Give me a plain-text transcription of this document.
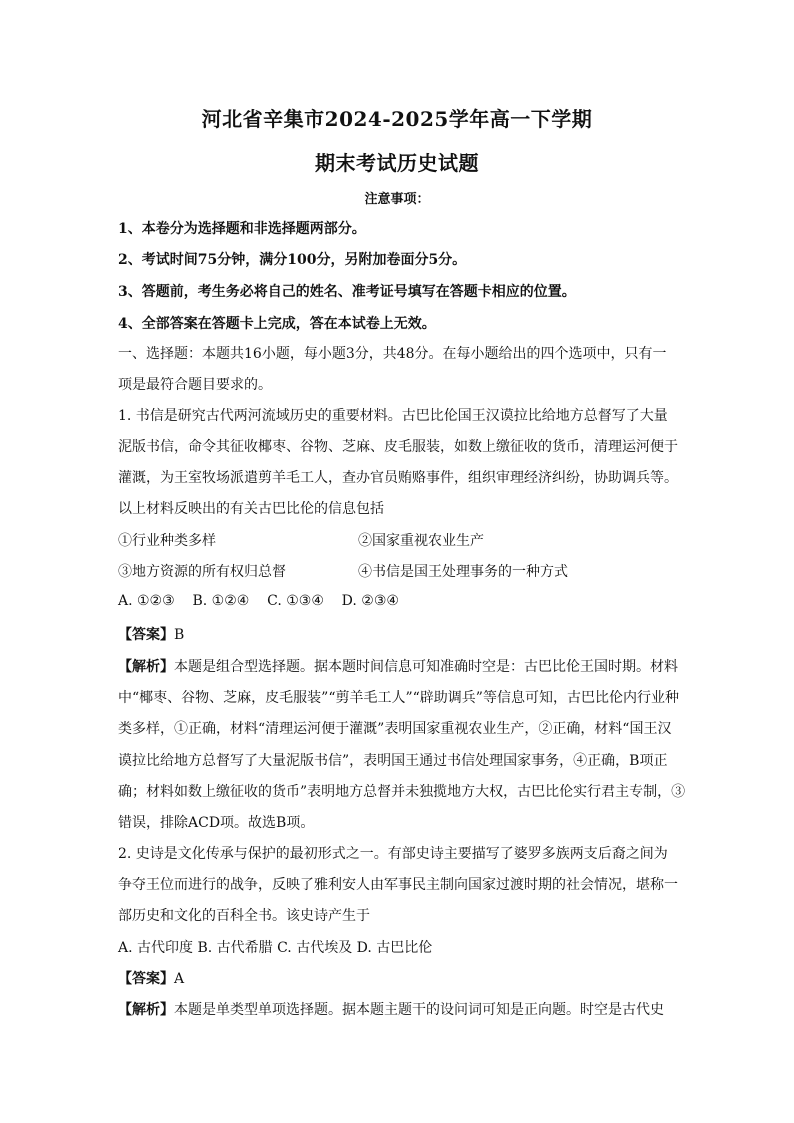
河北省辛集市2024-2025学年高一下学期
期末考试历史试题
注意事项：
1、本卷分为选择题和非选择题两部分。
2、考试时间75分钟，满分100分，另附加卷面分5分。
3、答题前，考生务必将自己的姓名、准考证号填写在答题卡相应的位置。
4、全部答案在答题卡上完成，答在本试卷上无效。
一、选择题：本题共16小题，每小题3分，共48分。在每小题给出的四个选项中，只有一
项是最符合题目要求的。
1. 书信是研究古代两河流域历史的重要材料。古巴比伦国王汉谟拉比给地方总督写了大量
泥版书信，命令其征收椰枣、谷物、芝麻、皮毛服装，如数上缴征收的货币，清理运河便于
灌溉，为王室牧场派遣剪羊毛工人，查办官员贿赂事件，组织审理经济纠纷，协助调兵等。
以上材料反映出的有关古巴比伦的信息包括
①行业种类多样	②国家重视农业生产
③地方资源的所有权归总督	④书信是国王处理事务的一种方式
A. ①②③    B. ①②④    C. ①③④    D. ②③④
【答案】B
【解析】本题是组合型选择题。据本题时间信息可知准确时空是：古巴比伦王国时期。材料
中“椰枣、谷物、芝麻，皮毛服装”“剪羊毛工人”“辟助调兵”等信息可知，古巴比伦内行业种
类多样，①正确，材料“清理运河便于灌溉”表明国家重视农业生产，②正确，材料“国王汉
谟拉比给地方总督写了大量泥版书信”，表明国王通过书信处理国家事务，④正确，B项正
确；材料如数上缴征收的货币”表明地方总督并未独揽地方大权，古巴比伦实行君主专制，③
错误，排除ACD项。故选B项。
2. 史诗是文化传承与保护的最初形式之一。有部史诗主要描写了婆罗多族两支后裔之间为
争夺王位而进行的战争，反映了雅利安人由军事民主制向国家过渡时期的社会情况，堪称一
部历史和文化的百科全书。该史诗产生于
A. 古代印度 B. 古代希腊 C. 古代埃及 D. 古巴比伦
【答案】A
【解析】本题是单类型单项选择题。据本题主题干的设问词可知是正向题。时空是古代史
